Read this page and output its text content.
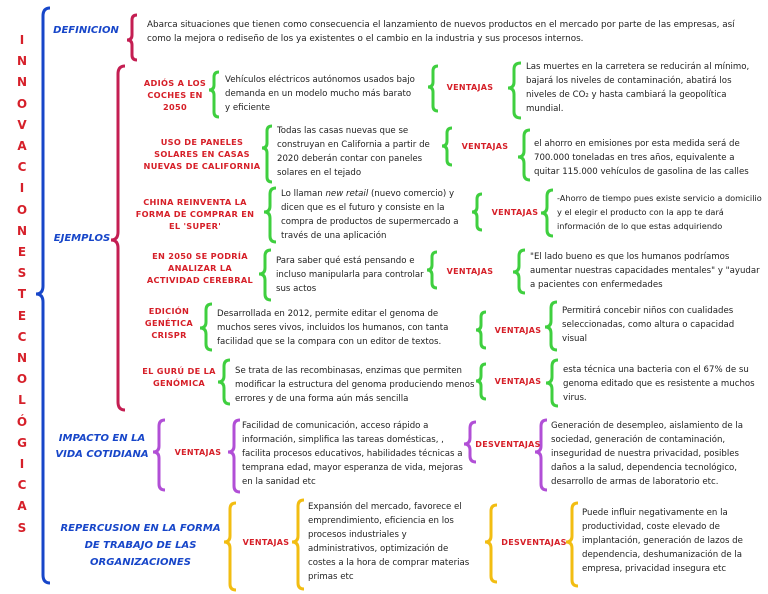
I
N
N
O
V
A
C
I
O
N
E
S
T
E
C
N
O
L
Ó
G
I
C
A
S
DEFINICION	Abarca situaciones que tienen como consecuencia el lanzamiento de nuevos productos en el mercado por parte de las empresas, así como la mejora o rediseño de los ya existentes o el cambio en la industria y sus procesos internos.
EJEMPLOS
ADIÓS A LOS COCHES EN 2050
Vehículos eléctricos autónomos usados bajo demanda en un modelo mucho más barato y eficiente
VENTAJAS
Las muertes en la carretera se reducirán al mínimo, bajará los niveles de contaminación, abatirá los niveles de CO₂ y hasta cambiará la geopolítica mundial.
USO DE PANELES SOLARES EN CASAS NUEVAS DE CALIFORNIA
Todas las casas nuevas que se construyan en California a partir de 2020 deberán contar con paneles solares en el tejado
VENTAJAS	el ahorro en emisiones por esta medida será de 700.000 toneladas en tres años, equivalente a quitar 115.000 vehículos de gasolina de las calles
CHINA REINVENTA LA FORMA DE COMPRAR EN EL 'SUPER'
Lo llaman new retail (nuevo comercio) y dicen que es el futuro y consiste en la compra de productos de supermercado a través de una aplicación
VENTAJAS
-Ahorro de tiempo pues existe servicio a domicilio y el elegir el producto con la app te dará información de lo que estas adquiriendo
EN 2050 SE PODRÍA ANALIZAR LA ACTIVIDAD CEREBRAL
Para saber qué está pensando e incluso manipularla para controlar sus actos
VENTAJAS
"El lado bueno es que los humanos podríamos aumentar nuestras capacidades mentales" y "ayudar a pacientes con enfermedades
EDICIÓN GENÉTICA CRISPR
Desarrollada en 2012, permite editar el genoma de muchos seres vivos, incluidos los humanos, con tanta facilidad que se la compara con un editor de textos.
VENTAJAS
Permitirá concebir niños con cualidades seleccionadas, como altura o capacidad visual
EL GURÚ DE LA GENÓMICA
Se trata de las recombinasas, enzimas que permiten modificar la estructura del genoma produciendo menos errores y de una forma aún más sencilla
VENTAJAS
esta técnica una bacteria con el 67% de su genoma editado que es resistente a muchos virus.
IMPACTO EN LA VIDA COTIDIANA	VENTAJAS
Facilidad de comunicación, acceso rápido a información, simplifica las tareas domésticas, , facilita procesos educativos, habilidades técnicas a temprana edad, mayor esperanza de vida, mejoras en la sanidad etc
DESVENTAJAS
Generación de desempleo, aislamiento de la sociedad, generación de contaminación, inseguridad de nuestra privacidad, posibles daños a la salud, dependencia tecnológico, desarrollo de armas de laboratorio etc.
REPERCUSION EN LA FORMA DE TRABAJO DE LAS ORGANIZACIONES
VENTAJAS
Expansión del mercado, favorece el emprendimiento, eficiencia en los procesos industriales y administrativos, optimización de costes a la hora de comprar materias primas etc
DESVENTAJAS
Puede influir negativamente en la productividad, coste elevado de implantación, generación de lazos de dependencia, deshumanización de la empresa, privacidad insegura etc
